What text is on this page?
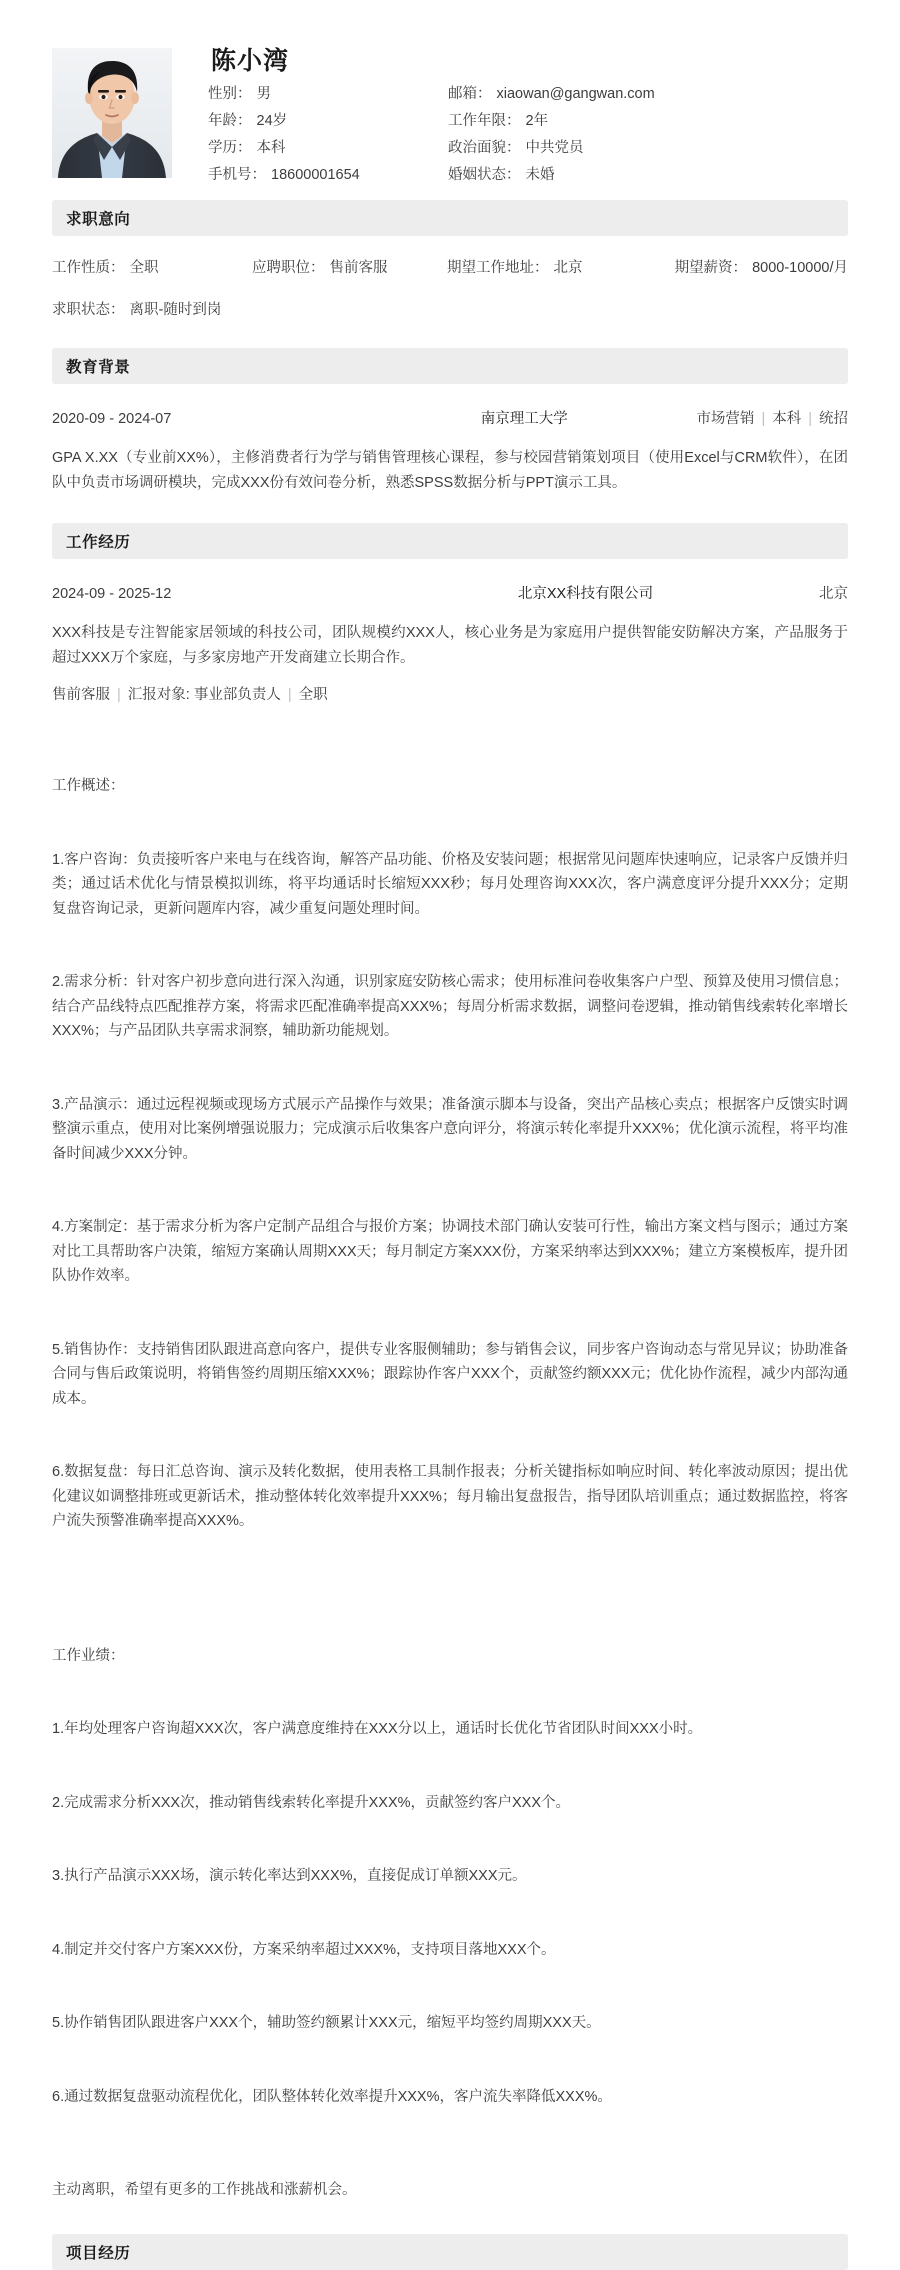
陈小湾
性别： 男	邮箱： xiaowan@gangwan.com
年龄： 24岁	工作年限： 2年
学历： 本科	政治面貌： 中共党员
手机号： 18600001654	婚姻状态： 未婚
求职意向
工作性质： 全职	应聘职位： 售前客服	期望工作地址： 北京	期望薪资： 8000-10000/月
求职状态： 离职-随时到岗
教育背景
2020-09 - 2024-07	南京理工大学	市场营销 | 本科 | 统招
GPA X.XX（专业前XX%），主修消费者行为学与销售管理核心课程，参与校园营销策划项目（使用Excel与CRM软件），在团队中负责市场调研模块，完成XXX份有效问卷分析，熟悉SPSS数据分析与PPT演示工具。
工作经历
2024-09 - 2025-12	北京XX科技有限公司	北京
XXX科技是专注智能家居领域的科技公司，团队规模约XXX人，核心业务是为家庭用户提供智能安防解决方案，产品服务于超过XXX万个家庭，与多家房地产开发商建立长期合作。
售前客服 | 汇报对象: 事业部负责人 | 全职

工作概述：

1.客户咨询：负责接听客户来电与在线咨询，解答产品功能、价格及安装问题；根据常见问题库快速响应，记录客户反馈并归类；通过话术优化与情景模拟训练，将平均通话时长缩短XXX秒；每月处理咨询XXX次，客户满意度评分提升XXX分；定期复盘咨询记录，更新问题库内容，减少重复问题处理时间。

2.需求分析：针对客户初步意向进行深入沟通，识别家庭安防核心需求；使用标准问卷收集客户户型、预算及使用习惯信息；结合产品线特点匹配推荐方案，将需求匹配准确率提高XXX%；每周分析需求数据，调整问卷逻辑，推动销售线索转化率增长XXX%；与产品团队共享需求洞察，辅助新功能规划。

3.产品演示：通过远程视频或现场方式展示产品操作与效果；准备演示脚本与设备，突出产品核心卖点；根据客户反馈实时调整演示重点，使用对比案例增强说服力；完成演示后收集客户意向评分，将演示转化率提升XXX%；优化演示流程，将平均准备时间减少XXX分钟。

4.方案制定：基于需求分析为客户定制产品组合与报价方案；协调技术部门确认安装可行性，输出方案文档与图示；通过方案对比工具帮助客户决策，缩短方案确认周期XXX天；每月制定方案XXX份，方案采纳率达到XXX%；建立方案模板库，提升团队协作效率。

5.销售协作：支持销售团队跟进高意向客户，提供专业客服侧辅助；参与销售会议，同步客户咨询动态与常见异议；协助准备合同与售后政策说明，将销售签约周期压缩XXX%；跟踪协作客户XXX个，贡献签约额XXX元；优化协作流程，减少内部沟通成本。

6.数据复盘：每日汇总咨询、演示及转化数据，使用表格工具制作报表；分析关键指标如响应时间、转化率波动原因；提出优化建议如调整排班或更新话术，推动整体转化效率提升XXX%；每月输出复盘报告，指导团队培训重点；通过数据监控，将客户流失预警准确率提高XXX%。

工作业绩：

1.年均处理客户咨询超XXX次，客户满意度维持在XXX分以上，通话时长优化节省团队时间XXX小时。

2.完成需求分析XXX次，推动销售线索转化率提升XXX%，贡献签约客户XXX个。

3.执行产品演示XXX场，演示转化率达到XXX%，直接促成订单额XXX元。

4.制定并交付客户方案XXX份，方案采纳率超过XXX%，支持项目落地XXX个。

5.协作销售团队跟进客户XXX个，辅助签约额累计XXX元，缩短平均签约周期XXX天。

6.通过数据复盘驱动流程优化，团队整体转化效率提升XXX%，客户流失率降低XXX%。

主动离职，希望有更多的工作挑战和涨薪机会。
项目经历
